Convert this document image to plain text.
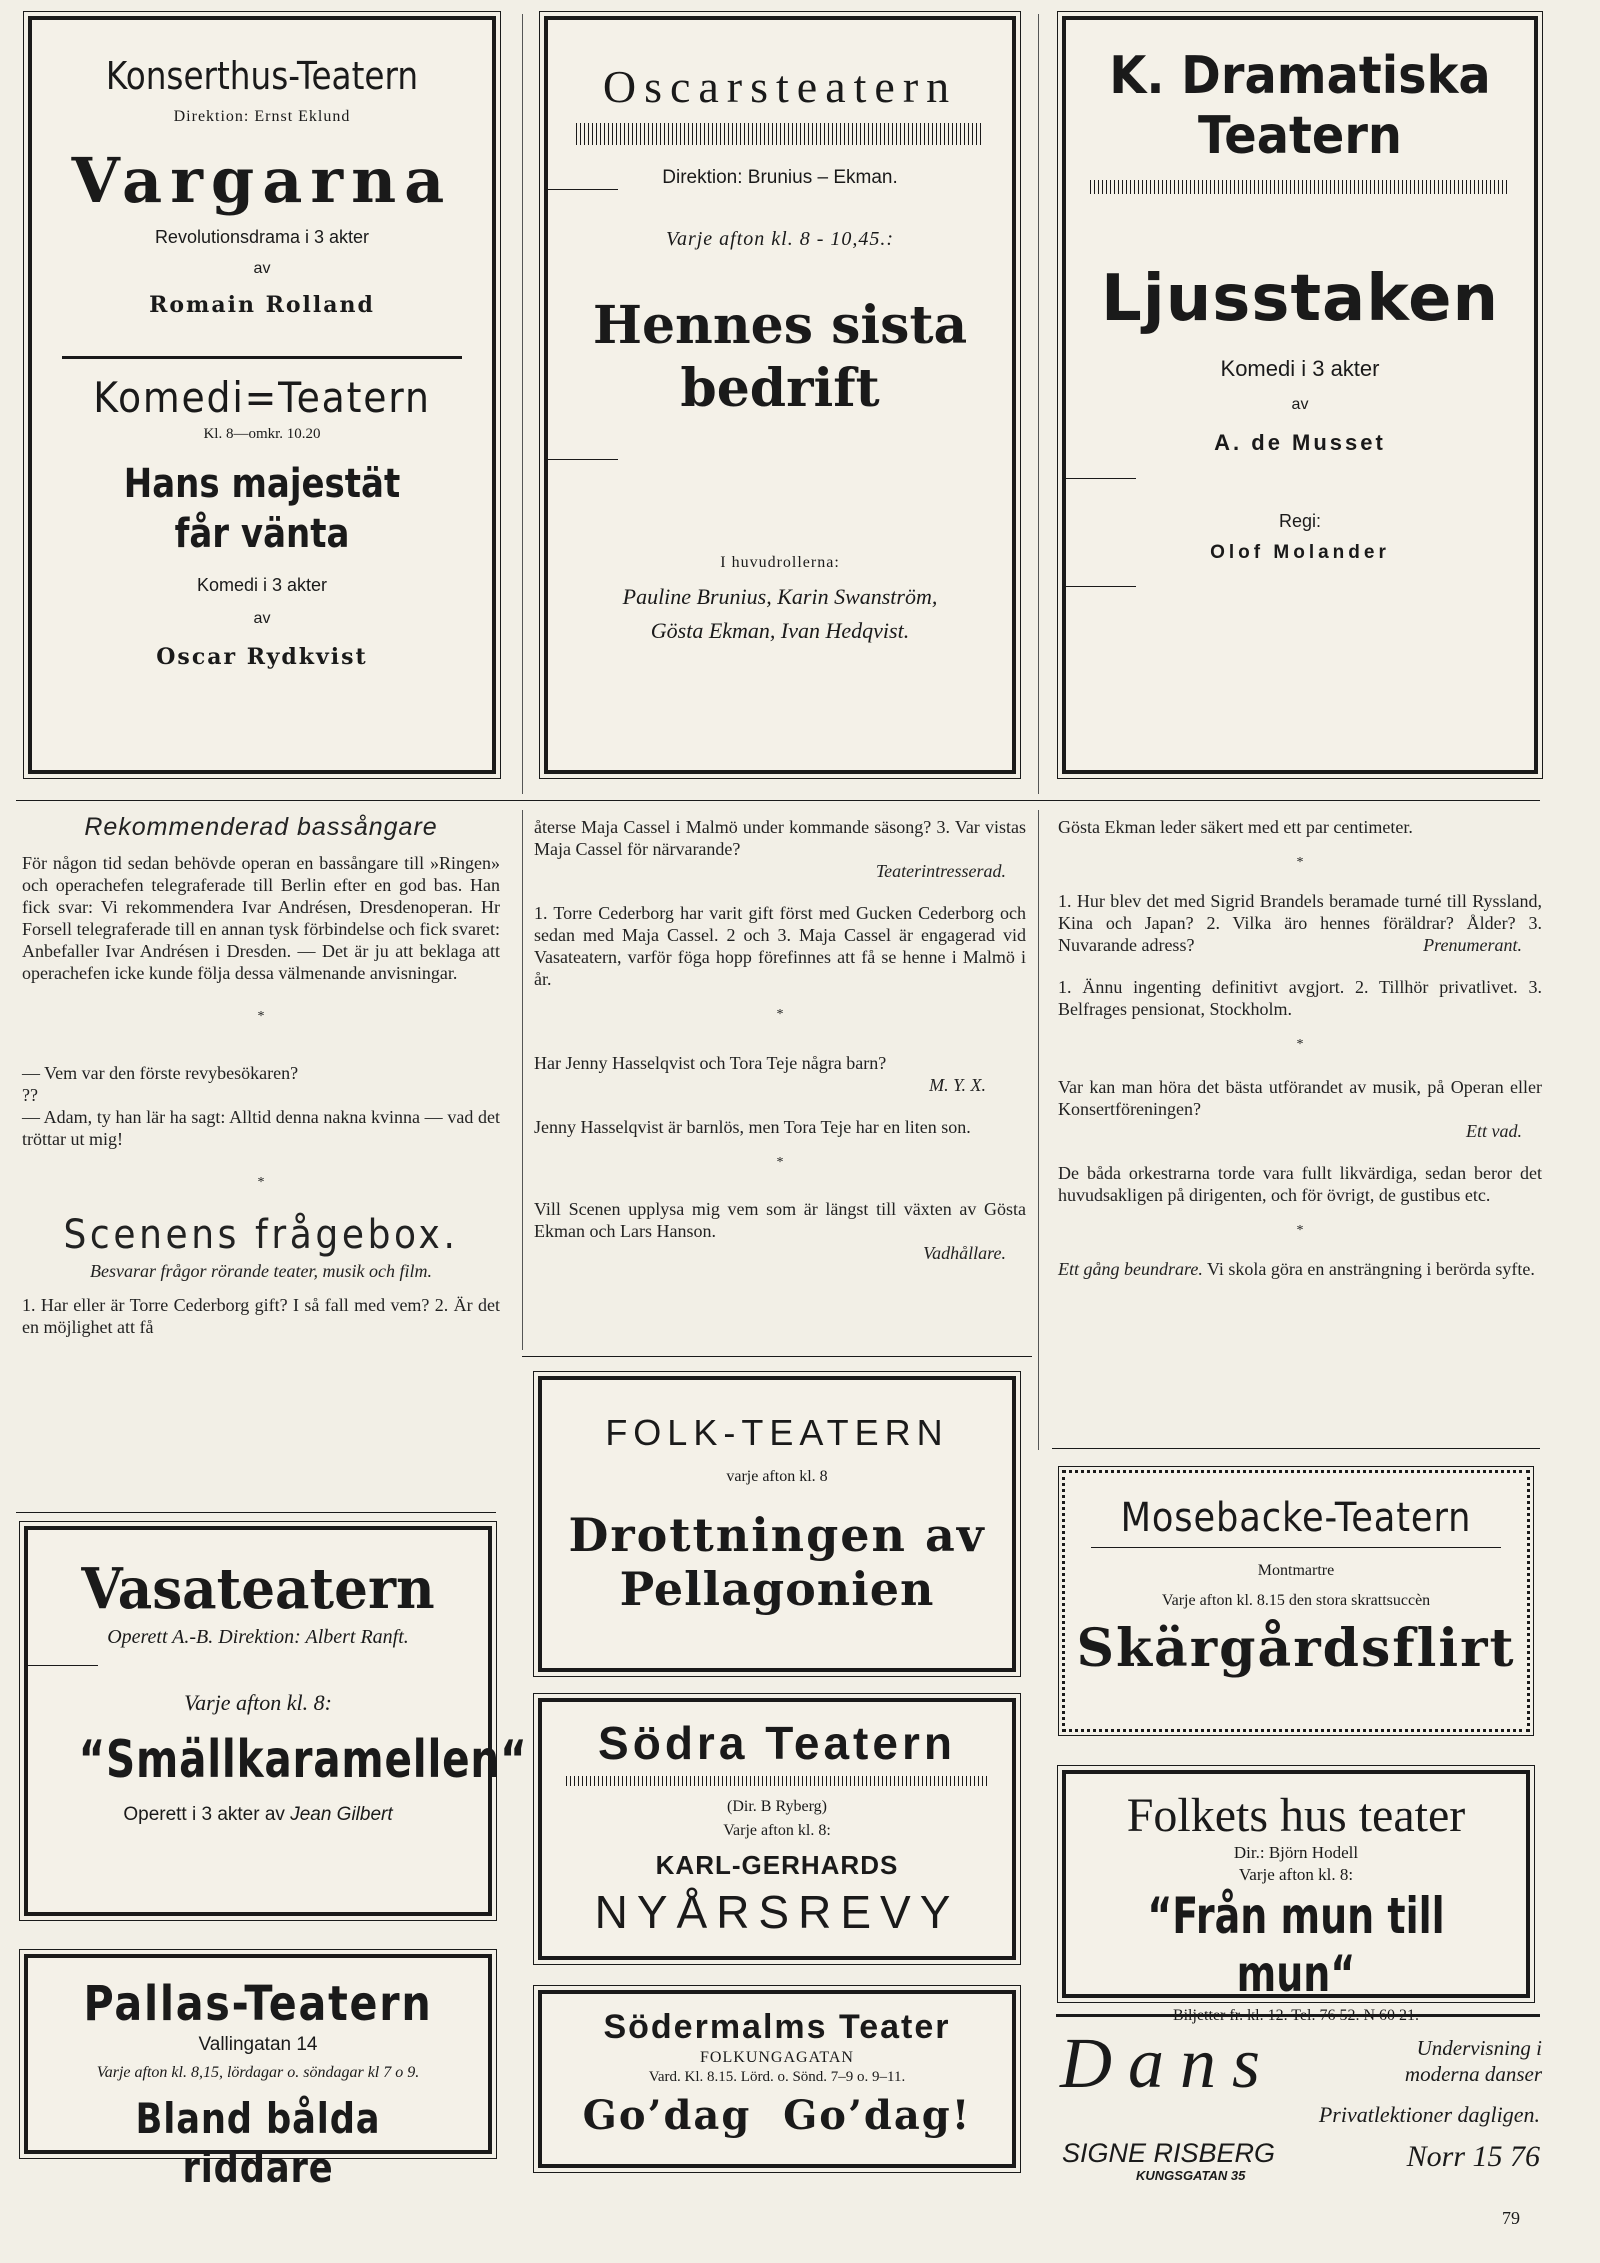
Konserthus-Teatern
Direktion: Ernst Eklund
Vargarna
Revolutionsdrama i 3 akter
av
Romain Rolland
Komedi=Teatern
Kl. 8—omkr. 10.20
Hans majestät får vänta
Komedi i 3 akter
av
Oscar Rydkvist
Oscarsteatern
Direktion: Brunius – Ekman.
Varje afton kl. 8 - 10,45.:
Hennes sista
bedrift
I huvudrollerna:
Pauline Brunius, Karin Swanström,
Gösta Ekman, Ivan Hedqvist.
K. Dramatiska
Teatern
Ljusstaken
Komedi i 3 akter
av
A. de Musset
Regi:
Olof Molander
Rekommenderad bassångare

För någon tid sedan behövde operan en bassångare till »Ringen» och operachefen telegraferade till Berlin efter en god bas. Han fick svar: Vi rekommendera Ivar Andrésen, Dresdenoperan. Hr Forsell telegraferade till en annan tysk förbindelse och fick svaret: Anbefaller Ivar Andrésen i Dresden. — Det är ju att beklaga att operachefen icke kunde följa dessa välmenande anvisningar.

*

— Vem var den förste revybesökaren?

??

— Adam, ty han lär ha sagt: Alltid denna nakna kvinna — vad det tröttar ut mig!

*
Scenens frågebox.

Besvarar frågor rörande teater, musik och film.

1. Har eller är Torre Cederborg gift? I så fall med vem? 2. Är det en möjlighet att få

återse Maja Cassel i Malmö under kommande säsong? 3. Var vistas Maja Cassel för närvarande?
Teaterintresserad.

1. Torre Cederborg har varit gift först med Gucken Cederborg och sedan med Maja Cassel. 2 och 3. Maja Cassel är engagerad vid Vasateatern, varför föga hopp förefinnes att få se henne i Malmö i år.

*

Har Jenny Hasselqvist och Tora Teje några barn?
M. Y. X.

Jenny Hasselqvist är barnlös, men Tora Teje har en liten son.

*

Vill Scenen upplysa mig vem som är längst till växten av Gösta Ekman och Lars Hanson.
Vadhållare.

Gösta Ekman leder säkert med ett par centimeter.

*

1. Hur blev det med Sigrid Brandels beramade turné till Ryssland, Kina och Japan? 2. Vilka äro hennes föräldrar? Ålder? 3. Nuvarande adress?	Prenumerant.

1. Ännu ingenting definitivt avgjort. 2. Tillhör privatlivet. 3. Belfrages pensionat, Stockholm.

*

Var kan man höra det bästa utförandet av musik, på Operan eller Konsertföreningen?
Ett vad.

De båda orkestrarna torde vara fullt likvärdiga, sedan beror det huvudsakligen på dirigenten, och för övrigt, de gustibus etc.

*

Ett gång beundrare. Vi skola göra en ansträngning i berörda syfte.

Vasateatern
Operett A.-B. Direktion: Albert Ranft.
Varje afton kl. 8:
“Smällkaramellen“
Operett i 3 akter av Jean Gilbert
Pallas-Teatern
Vallingatan 14
Varje afton kl. 8,15, lördagar o. söndagar kl 7 o 9.
Bland bålda riddare
FOLK-TEATERN
varje afton kl. 8
Drottningen av
Pellagonien
Södra Teatern
(Dir. B Ryberg)
Varje afton kl. 8:
KARL-GERHARDS
NYÅRSREVY
Södermalms Teater
FOLKUNGAGATAN
Vard. Kl. 8.15. Lörd. o. Sönd. 7–9 o. 9–11.
Go’dag  Go’dag!
Mosebacke-Teatern
Montmartre
Varje afton kl. 8.15 den stora skrattsuccèn
Skärgårdsflirt
Folkets hus teater
Dir.: Björn Hodell
Varje afton kl. 8:
“Från mun till mun“
Dans	Undervisning i
moderna danser
Privatlektioner dagligen.
SIGNE RISBERG
KUNGSGATAN 35
Norr 15 76
79
